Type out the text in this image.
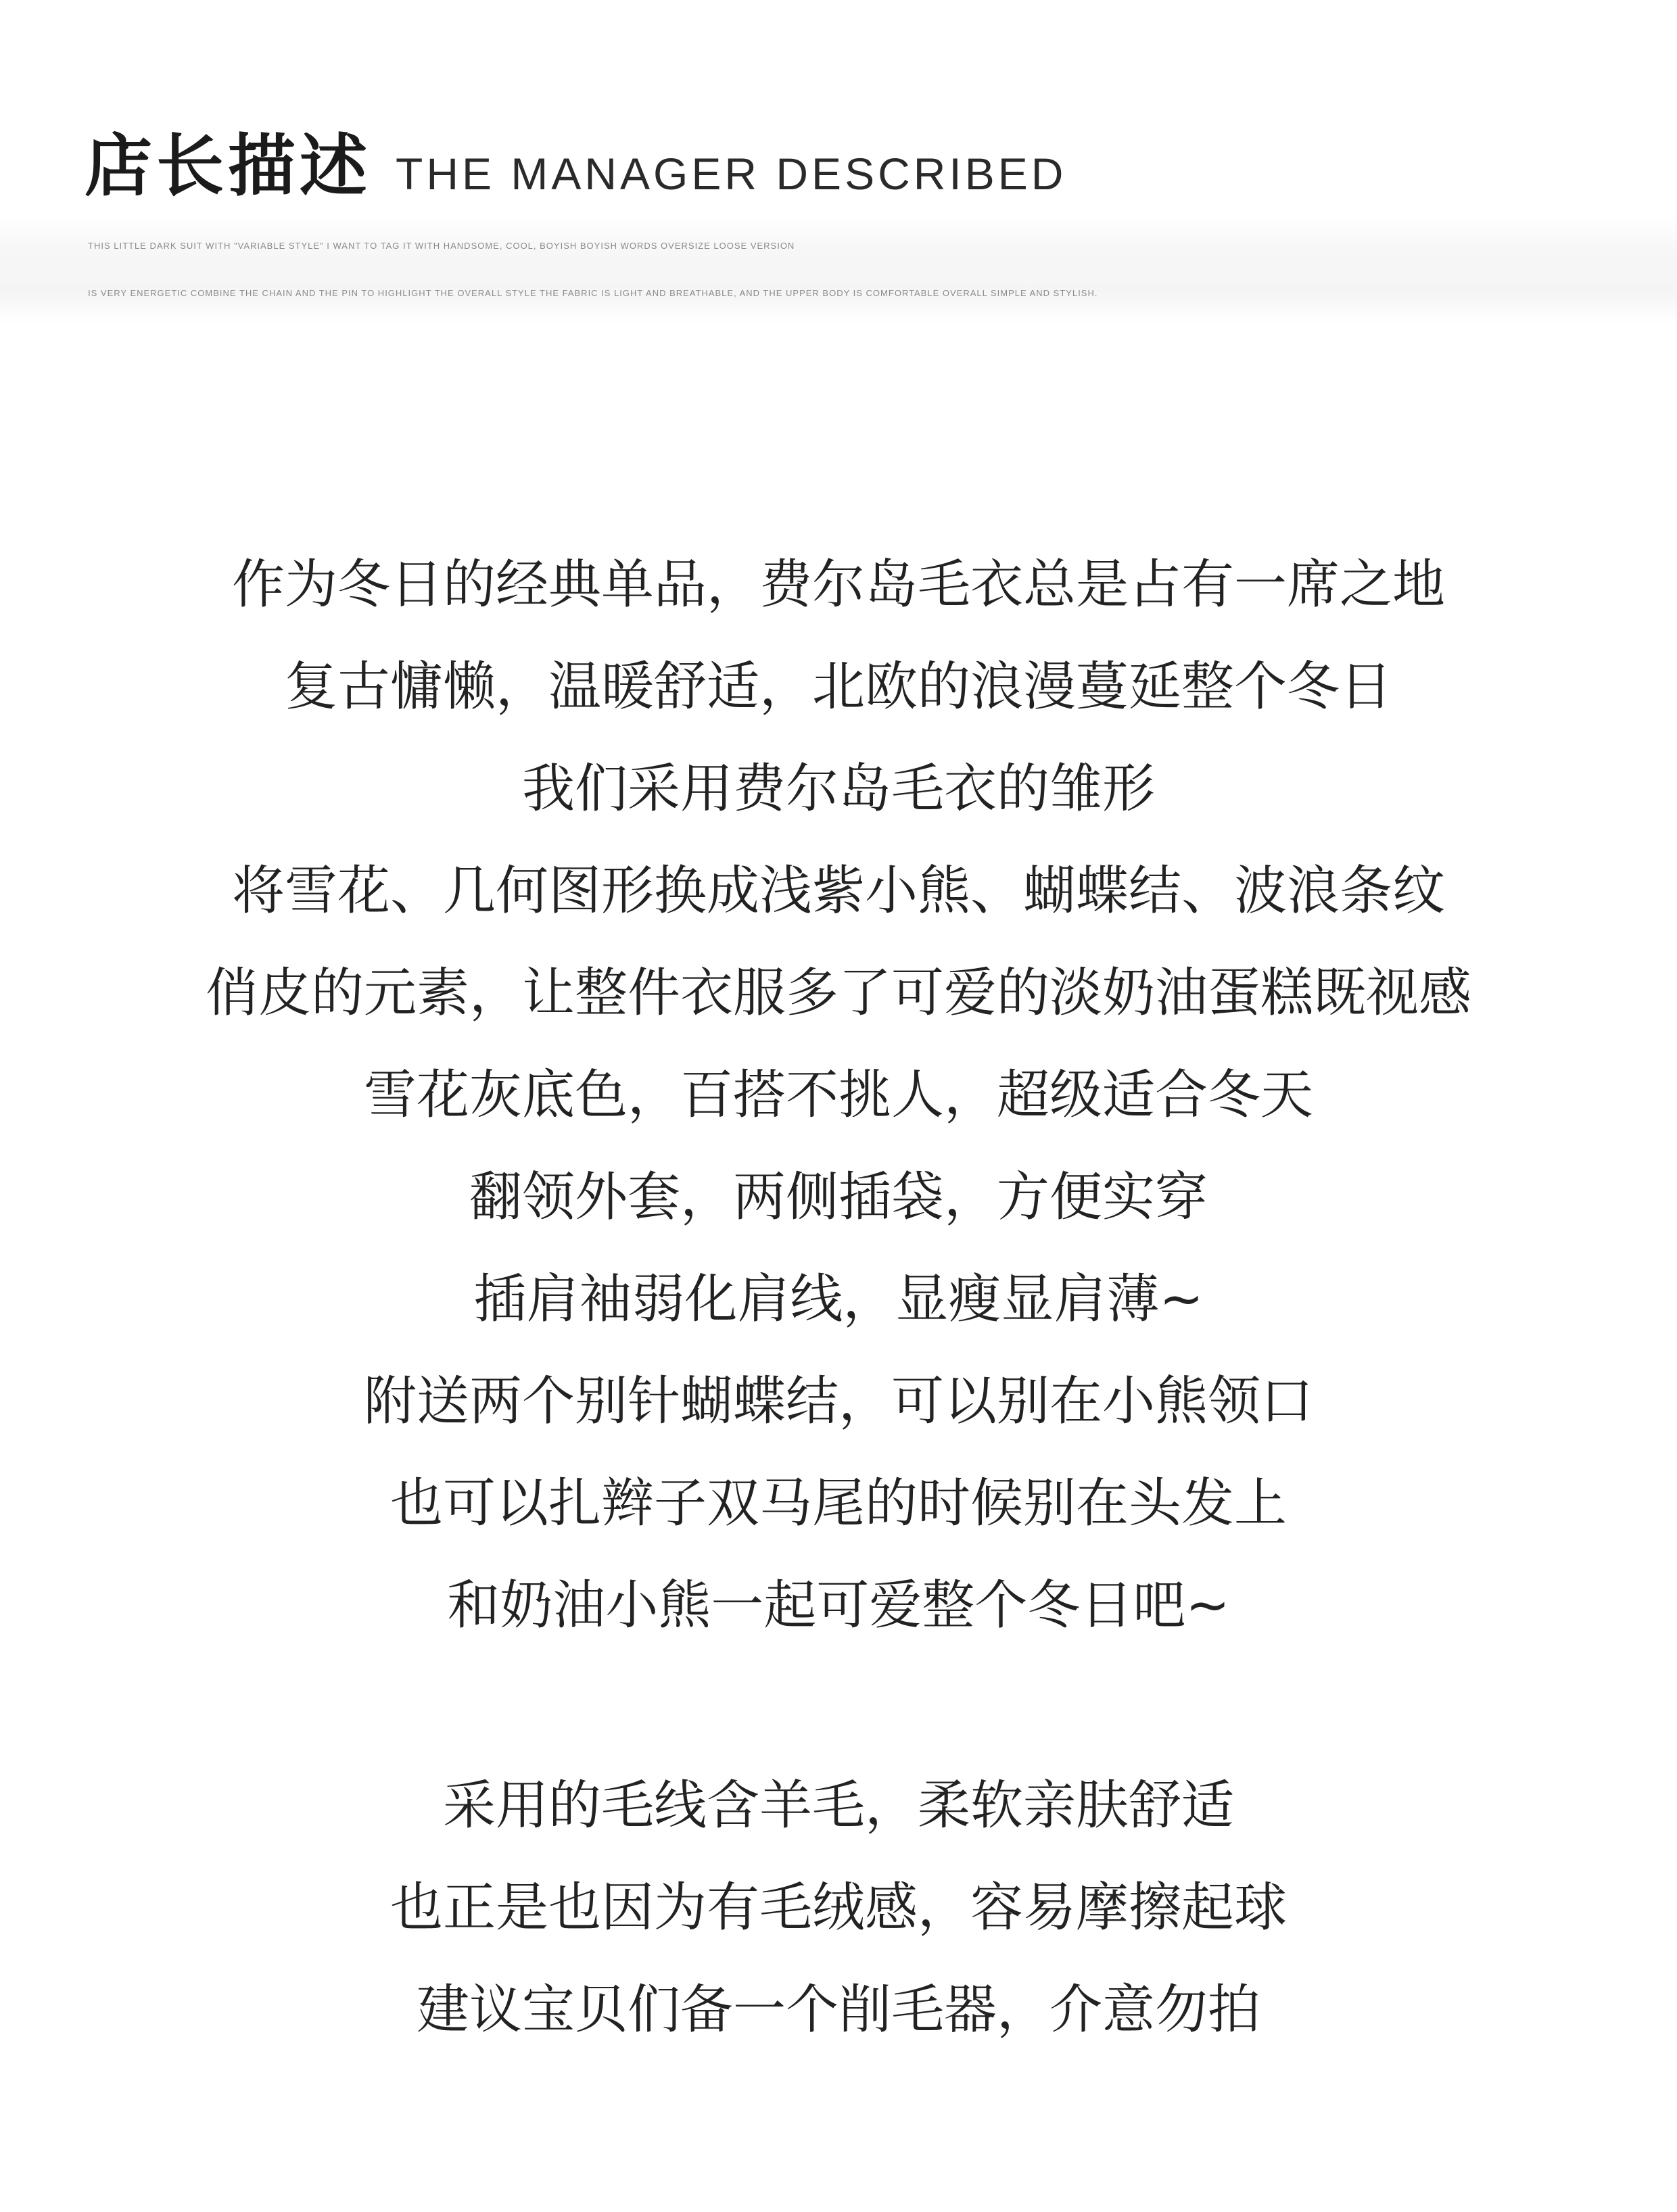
店长描述 THE MANAGER DESCRIBED
THIS LITTLE DARK SUIT WITH "VARIABLE STYLE" I WANT TO TAG IT WITH HANDSOME, COOL, BOYISH BOYISH WORDS OVERSIZE LOOSE VERSION
IS VERY ENERGETIC COMBINE THE CHAIN AND THE PIN TO HIGHLIGHT THE OVERALL STYLE THE FABRIC IS LIGHT AND BREATHABLE, AND THE UPPER BODY IS COMFORTABLE OVERALL SIMPLE AND STYLISH.
作为冬日的经典单品，费尔岛毛衣总是占有一席之地
复古慵懒，温暖舒适，北欧的浪漫蔓延整个冬日
我们采用费尔岛毛衣的雏形
将雪花、几何图形换成浅紫小熊、蝴蝶结、波浪条纹
俏皮的元素，让整件衣服多了可爱的淡奶油蛋糕既视感
雪花灰底色，百搭不挑人，超级适合冬天
翻领外套，两侧插袋，方便实穿
插肩袖弱化肩线，显瘦显肩薄~
附送两个别针蝴蝶结，可以别在小熊领口
也可以扎辫子双马尾的时候别在头发上
和奶油小熊一起可爱整个冬日吧~
采用的毛线含羊毛，柔软亲肤舒适
也正是也因为有毛绒感，容易摩擦起球
建议宝贝们备一个削毛器，介意勿拍
